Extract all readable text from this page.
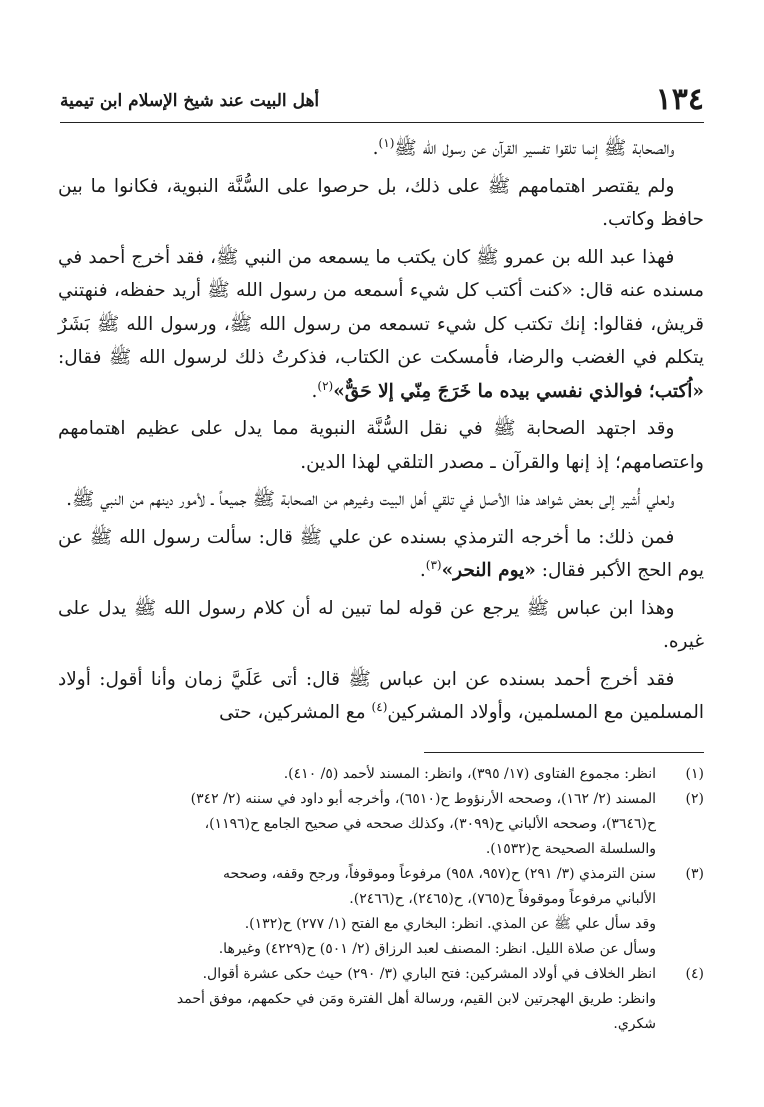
١٣٤
أهل البيت عند شيخ الإسلام ابن تيمية

والصحابة ﷺ إنما تلقوا تفسير القرآن عن رسول الله ﷺ$^{(١)}$.

ولم يقتصر اهتمامهم ﷺ على ذلك، بل حرصوا على السُّنَّة النبوية، فكانوا ما بين حافظ وكاتب.

فهذا عبد الله بن عمرو ﷺ كان يكتب ما يسمعه من النبي ﷺ، فقد أخرج أحمد في مسنده عنه قال: «كنت أكتب كل شيء أسمعه من رسول الله ﷺ أريد حفظه، فنهتني قريش، فقالوا: إنك تكتب كل شيء تسمعه من رسول الله ﷺ، ورسول الله ﷺ بَشَرٌ يتكلم في الغضب والرضا، فأمسكت عن الكتاب، فذكرتُ ذلك لرسول الله ﷺ فقال: «اُكتب؛ فوالذي نفسي بيده ما خَرَجَ مِنّي إلا حَقٌّ»$^{(٢)}$.

وقد اجتهد الصحابة ﷺ في نقل السُّنَّة النبوية مما يدل على عظيم اهتمامهم واعتصامهم؛ إذ إنها والقرآن ـ مصدر التلقي لهذا الدين.

ولعلي أُشير إلى بعض شواهد هذا الأصل في تلقي أهل البيت وغيرهم من الصحابة ﷺ جميعاً ـ لأمور دينهم من النبي ﷺ.

فمن ذلك: ما أخرجه الترمذي بسنده عن علي ﷺ قال: سألت رسول الله ﷺ عن يوم الحج الأكبر فقال: «يوم النحر»$^{(٣)}$.

وهذا ابن عباس ﷺ يرجع عن قوله لما تبين له أن كلام رسول الله ﷺ يدل على غيره.

فقد أخرج أحمد بسنده عن ابن عباس ﷺ قال: أتى عَلَيَّ زمان وأنا أقول: أولاد المسلمين مع المسلمين، وأولاد المشركين$^{(٤)}$ مع المشركين، حتى

(١)
انظر: مجموع الفتاوى (١٧/ ٣٩٥)، وانظر: المسند لأحمد (٥/ ٤١٠).
(٢)
المسند (٢/ ١٦٢)، وصححه الأرنؤوط ح(٦٥١٠)، وأخرجه أبو داود في سننه (٢/ ٣٤٢)
ح(٣٦٤٦)، وصححه الألباني ح(٣٠٩٩)، وكذلك صححه في صحيح الجامع ح(١١٩٦)،
والسلسلة الصحيحة ح(١٥٣٢).
(٣)
سنن الترمذي (٣/ ٢٩١) ح(٩٥٧، ٩٥٨) مرفوعاً وموقوفاً، ورجح وقفه، وصححه
الألباني مرفوعاً وموقوفاً ح(٧٦٥)، ح(٢٤٦٥)، ح(٢٤٦٦).
وقد سأل علي ﷺ عن المذي. انظر: البخاري مع الفتح (١/ ٢٧٧) ح(١٣٢).
وسأل عن صلاة الليل. انظر: المصنف لعبد الرزاق (٢/ ٥٠١) ح(٤٢٢٩) وغيرها.
(٤)
انظر الخلاف في أولاد المشركين: فتح الباري (٣/ ٢٩٠) حيث حكى عشرة أقوال.
وانظر: طريق الهجرتين لابن القيم، ورسالة أهل الفترة ومَن في حكمهم، موفق أحمد
شكري.
